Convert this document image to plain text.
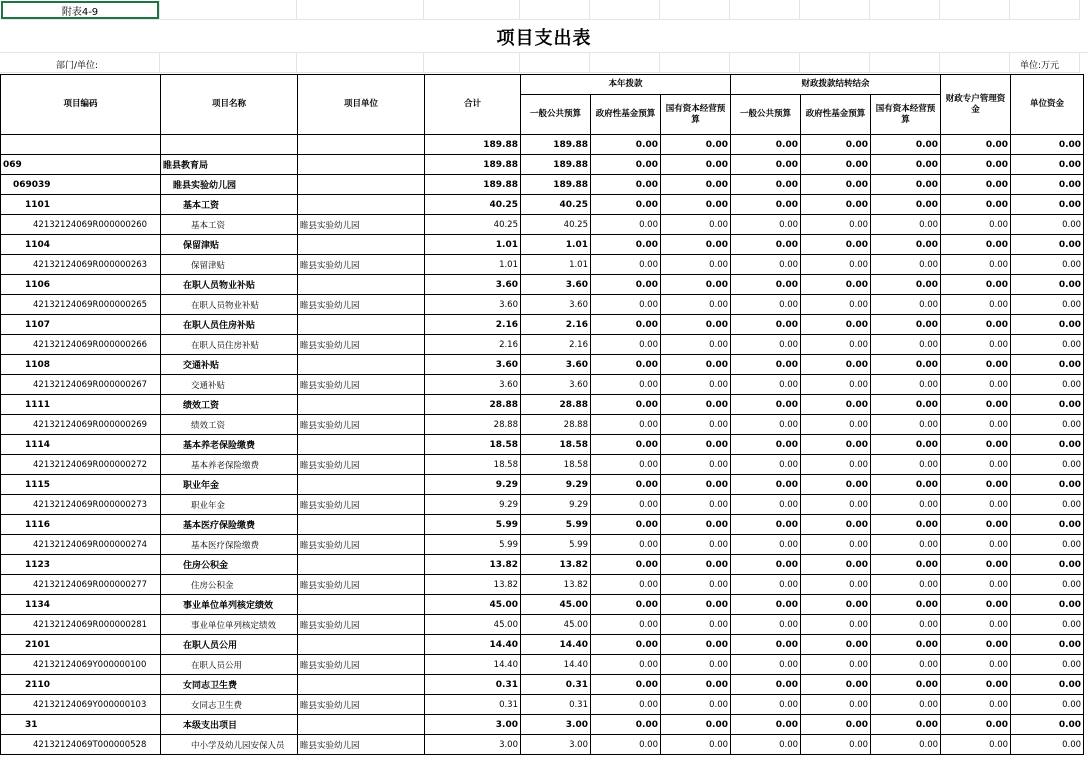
附表4-9
项目支出表
部门/单位:	单位:万元
项目编码	项目名称	项目单位	合计	本年拨款			财政拨款结转结余			财政专户管理资金	单位资金
				一般公共预算	政府性基金预算	国有资本经营预算	一般公共预算	政府性基金预算	国有资本经营预算		
			189.88	189.88	0.00	0.00	0.00	0.00	0.00	0.00	0.00
069	睢县教育局		189.88	189.88	0.00	0.00	0.00	0.00	0.00	0.00	0.00
069039	睢县实验幼儿园		189.88	189.88	0.00	0.00	0.00	0.00	0.00	0.00	0.00
1101	基本工资		40.25	40.25	0.00	0.00	0.00	0.00	0.00	0.00	0.00
42132124069R000000260	基本工资	睢县实验幼儿园	40.25	40.25	0.00	0.00	0.00	0.00	0.00	0.00	0.00
1104	保留津贴		1.01	1.01	0.00	0.00	0.00	0.00	0.00	0.00	0.00
42132124069R000000263	保留津贴	睢县实验幼儿园	1.01	1.01	0.00	0.00	0.00	0.00	0.00	0.00	0.00
1106	在职人员物业补贴		3.60	3.60	0.00	0.00	0.00	0.00	0.00	0.00	0.00
42132124069R000000265	在职人员物业补贴	睢县实验幼儿园	3.60	3.60	0.00	0.00	0.00	0.00	0.00	0.00	0.00
1107	在职人员住房补贴		2.16	2.16	0.00	0.00	0.00	0.00	0.00	0.00	0.00
42132124069R000000266	在职人员住房补贴	睢县实验幼儿园	2.16	2.16	0.00	0.00	0.00	0.00	0.00	0.00	0.00
1108	交通补贴		3.60	3.60	0.00	0.00	0.00	0.00	0.00	0.00	0.00
42132124069R000000267	交通补贴	睢县实验幼儿园	3.60	3.60	0.00	0.00	0.00	0.00	0.00	0.00	0.00
1111	绩效工资		28.88	28.88	0.00	0.00	0.00	0.00	0.00	0.00	0.00
42132124069R000000269	绩效工资	睢县实验幼儿园	28.88	28.88	0.00	0.00	0.00	0.00	0.00	0.00	0.00
1114	基本养老保险缴费		18.58	18.58	0.00	0.00	0.00	0.00	0.00	0.00	0.00
42132124069R000000272	基本养老保险缴费	睢县实验幼儿园	18.58	18.58	0.00	0.00	0.00	0.00	0.00	0.00	0.00
1115	职业年金		9.29	9.29	0.00	0.00	0.00	0.00	0.00	0.00	0.00
42132124069R000000273	职业年金	睢县实验幼儿园	9.29	9.29	0.00	0.00	0.00	0.00	0.00	0.00	0.00
1116	基本医疗保险缴费		5.99	5.99	0.00	0.00	0.00	0.00	0.00	0.00	0.00
42132124069R000000274	基本医疗保险缴费	睢县实验幼儿园	5.99	5.99	0.00	0.00	0.00	0.00	0.00	0.00	0.00
1123	住房公积金		13.82	13.82	0.00	0.00	0.00	0.00	0.00	0.00	0.00
42132124069R000000277	住房公积金	睢县实验幼儿园	13.82	13.82	0.00	0.00	0.00	0.00	0.00	0.00	0.00
1134	事业单位单列核定绩效		45.00	45.00	0.00	0.00	0.00	0.00	0.00	0.00	0.00
42132124069R000000281	事业单位单列核定绩效	睢县实验幼儿园	45.00	45.00	0.00	0.00	0.00	0.00	0.00	0.00	0.00
2101	在职人员公用		14.40	14.40	0.00	0.00	0.00	0.00	0.00	0.00	0.00
42132124069Y000000100	在职人员公用	睢县实验幼儿园	14.40	14.40	0.00	0.00	0.00	0.00	0.00	0.00	0.00
2110	女同志卫生费		0.31	0.31	0.00	0.00	0.00	0.00	0.00	0.00	0.00
42132124069Y000000103	女同志卫生费	睢县实验幼儿园	0.31	0.31	0.00	0.00	0.00	0.00	0.00	0.00	0.00
31	本级支出项目		3.00	3.00	0.00	0.00	0.00	0.00	0.00	0.00	0.00
42132124069T000000528	中小学及幼儿园安保人员	睢县实验幼儿园	3.00	3.00	0.00	0.00	0.00	0.00	0.00	0.00	0.00
